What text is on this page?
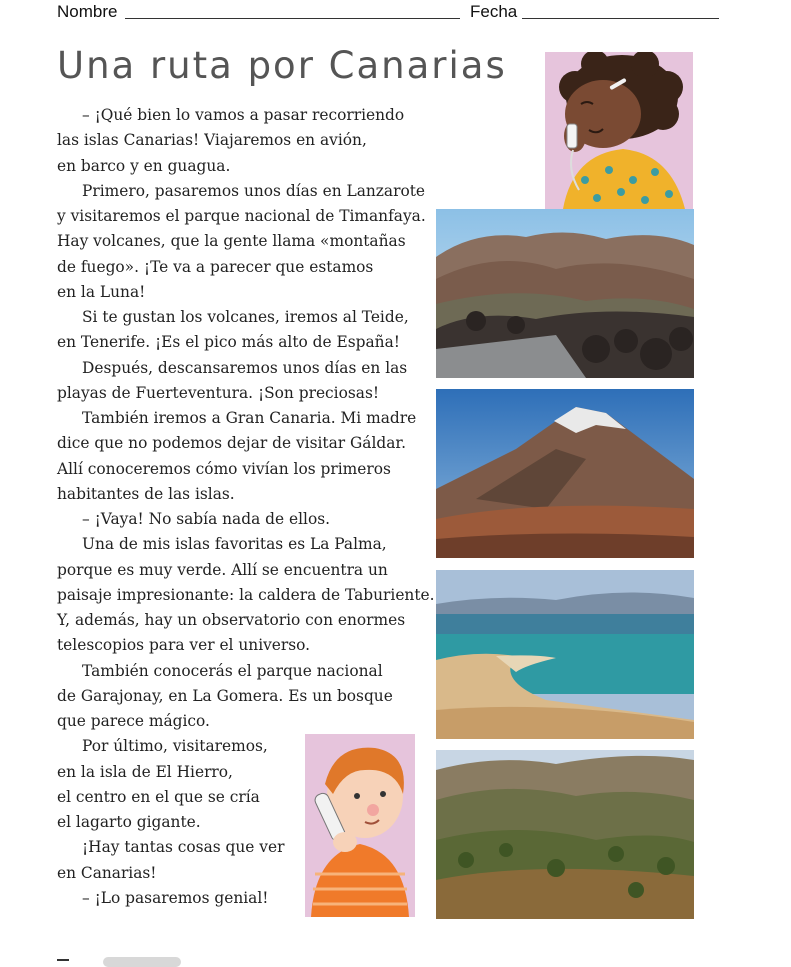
Nombre	Fecha
Una ruta por Canarias
– ¡Qué bien lo vamos a pasar recorriendo
las islas Canarias! Viajaremos en avión,
en barco y en guagua.
Primero, pasaremos unos días en Lanzarote
y visitaremos el parque nacional de Timanfaya.
Hay volcanes, que la gente llama «montañas
de fuego». ¡Te va a parecer que estamos
en la Luna!
Si te gustan los volcanes, iremos al Teide,
en Tenerife. ¡Es el pico más alto de España!
Después, descansaremos unos días en las
playas de Fuerteventura. ¡Son preciosas!
También iremos a Gran Canaria. Mi madre
dice que no podemos dejar de visitar Gáldar.
Allí conoceremos cómo vivían los primeros
habitantes de las islas.
– ¡Vaya! No sabía nada de ellos.
Una de mis islas favoritas es La Palma,
porque es muy verde. Allí se encuentra un
paisaje impresionante: la caldera de Taburiente.
Y, además, hay un observatorio con enormes
telescopios para ver el universo.
También conocerás el parque nacional
de Garajonay, en La Gomera. Es un bosque
que parece mágico.
Por último, visitaremos,
en la isla de El Hierro,
el centro en el que se cría
el lagarto gigante.
¡Hay tantas cosas que ver
en Canarias!
– ¡Lo pasaremos genial!
